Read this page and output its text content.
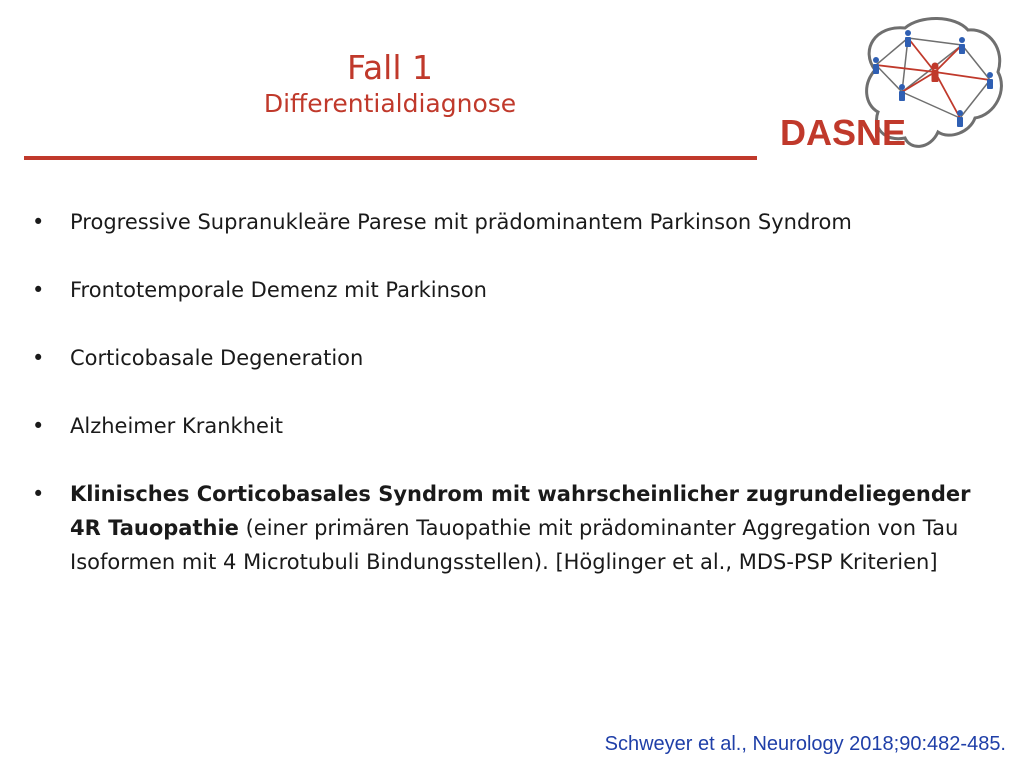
Fall 1
Differentialdiagnose
DASNE
• Progressive Supranukleäre Parese mit prädominantem Parkinson Syndrom
• Frontotemporale Demenz mit Parkinson
• Corticobasale Degeneration
• Alzheimer Krankheit
• Klinisches Corticobasales Syndrom mit wahrscheinlicher zugrundeliegender 4R Tauopathie (einer primären Tauopathie mit prädominanter Aggregation von Tau Isoformen mit 4 Microtubuli Bindungsstellen). [Höglinger et al., MDS-PSP Kriterien]
Schweyer et al., Neurology 2018;90:482-485.
